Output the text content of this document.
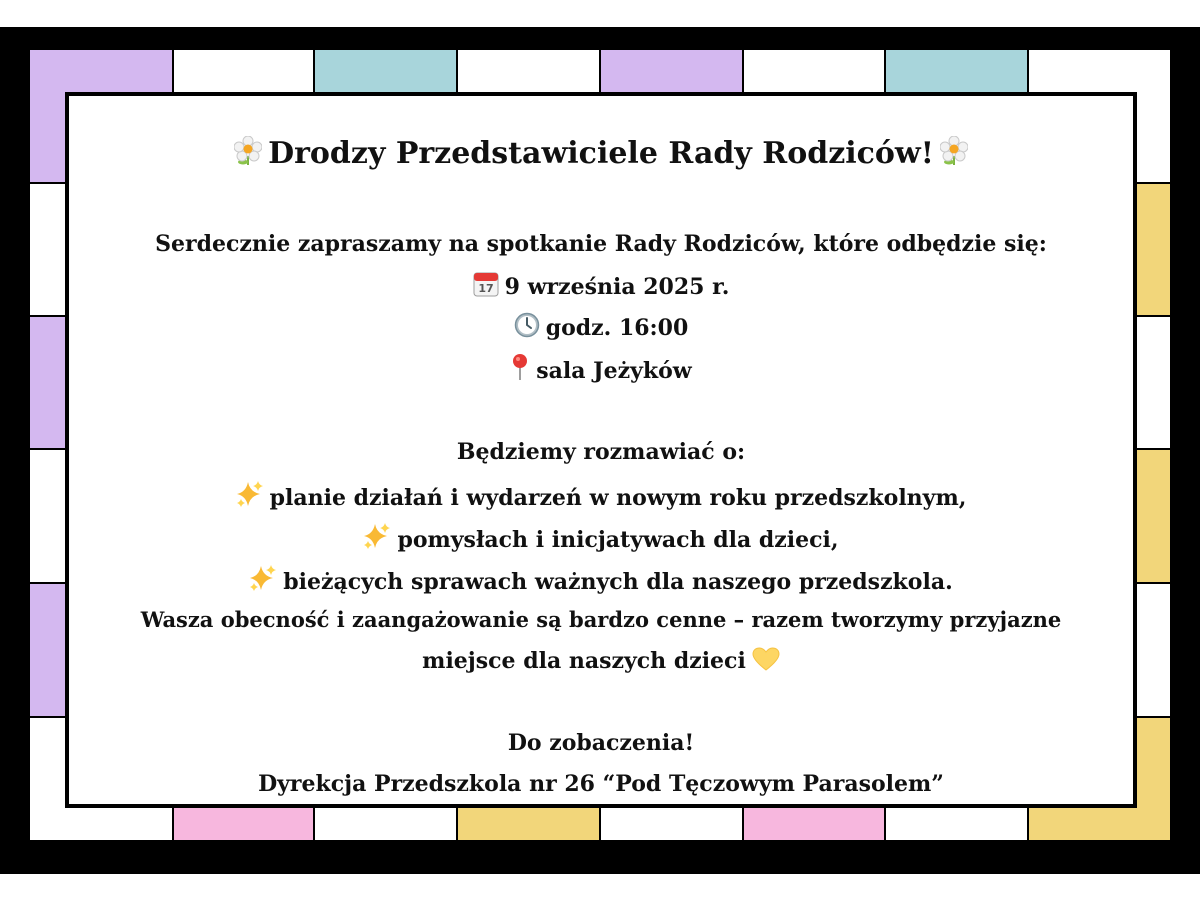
Drodzy Przedstawiciele Rady Rodziców!
Serdecznie zapraszamy na spotkanie Rady Rodziców, które odbędzie się:
17 9 września 2025 r.
godz. 16:00
sala Jeżyków
Będziemy rozmawiać o:
planie działań i wydarzeń w nowym roku przedszkolnym,
pomysłach i inicjatywach dla dzieci,
bieżących sprawach ważnych dla naszego przedszkola.
Wasza obecność i zaangażowanie są bardzo cenne – razem tworzymy przyjazne
miejsce dla naszych dzieci
Do zobaczenia!
Dyrekcja Przedszkola nr 26 “Pod Tęczowym Parasolem”
